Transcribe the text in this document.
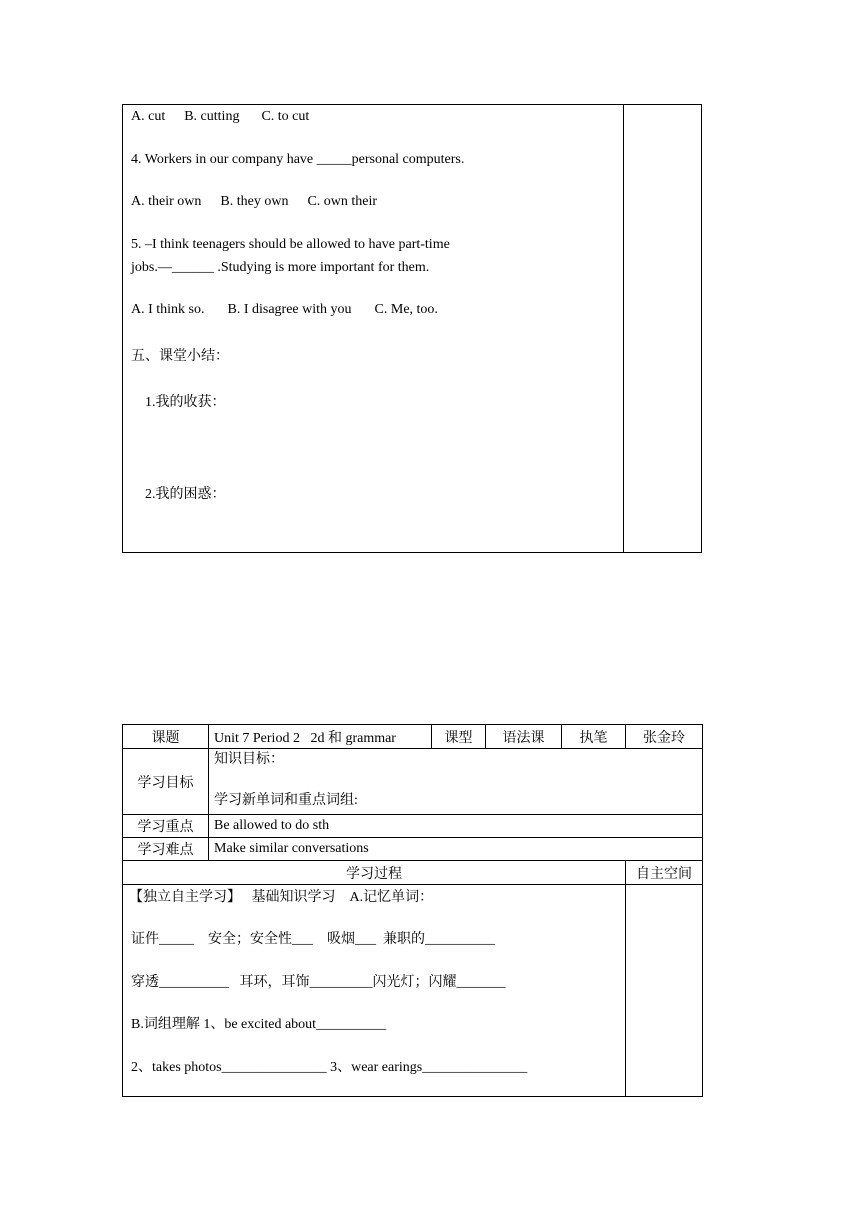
A. cut B. cutting C. to cut
4. Workers in our company have _____personal computers.
A. their own B. they own C. own their
5. –I think teenagers should be allowed to have part-time
jobs.—______ .Studying is more important for them.
A. I think so. B. I disagree with you C. Me, too.
五、课堂小结：
1.我的收获：
2.我的困惑：
课题	Unit 7 Period 2   2d 和 grammar	课型	语法课	执笔	张金玲
学习目标	知识目标：
学习新单词和重点词组:				

学习重点	Be allowed to do sth				
学习难点	Make similar conversations				
学习过程					自主空间

【独立自主学习】   基础知识学习    A.记忆单词：
证件_____    安全；安全性___    吸烟___  兼职的__________
穿透__________   耳环，耳饰_________闪光灯；闪耀_______
B.词组理解 1、be excited about__________
2、takes photos_______________ 3、wear earings_______________					
